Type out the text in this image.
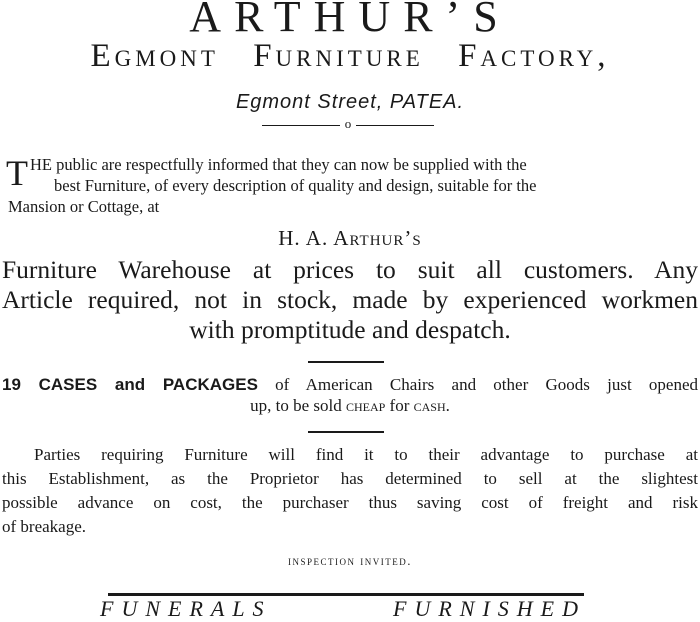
ARTHUR’S
Egmont Furniture Factory,
Egmont Street, PATEA.
o
T HE public are respectfully informed that they can now be supplied with the
best Furniture, of every description of quality and design, suitable for the
Mansion or Cottage, at
H. A. Arthur’s
Furniture Warehouse at prices to suit all customers. Any
Article required, not in stock, made by experienced workmen
with promptitude and despatch.
19 CASES and PACKAGES of American Chairs and other Goods just opened
up, to be sold cheap for cash.
Parties requiring Furniture will find it to their advantage to purchase at
this Establishment, as the Proprietor has determined to sell at the slightest
possible advance on cost, the purchaser thus saving cost of freight and risk
of breakage.
inspection invited.
FUNERALS	FURNISHED
